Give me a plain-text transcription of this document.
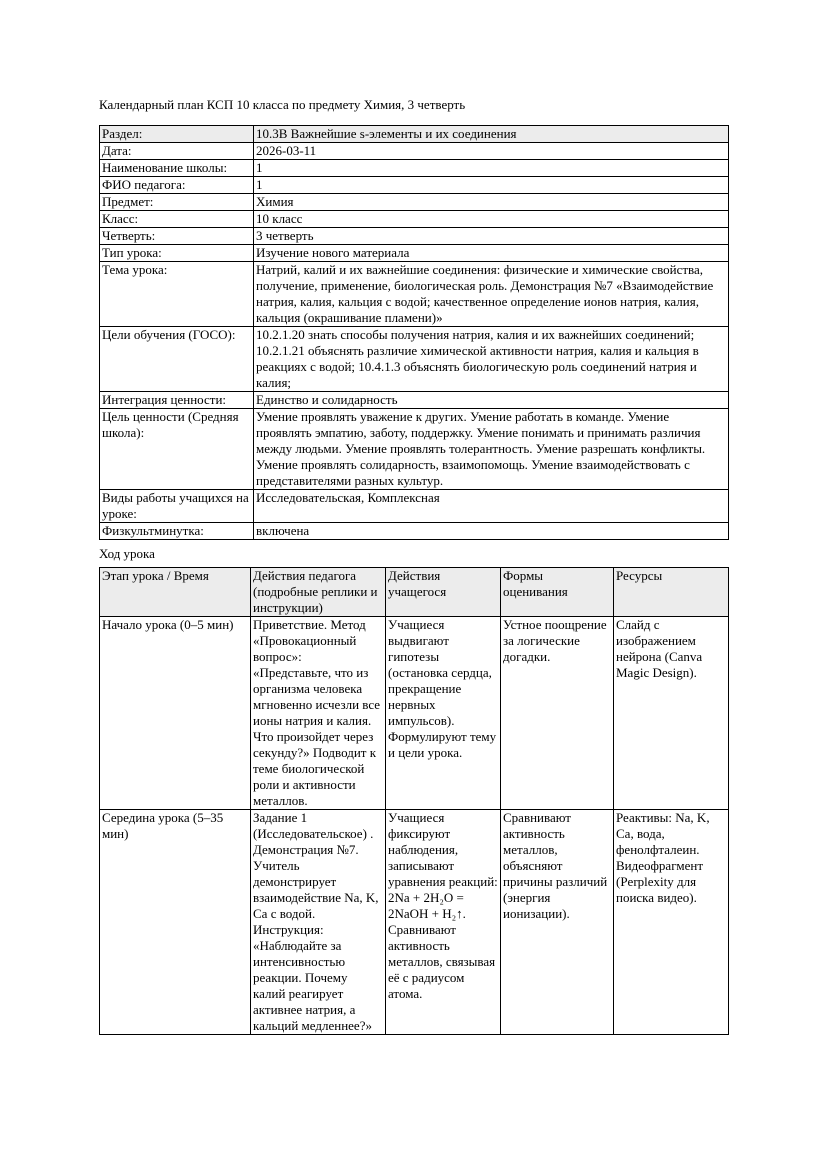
Календарный план КСП 10 класса по предмету Химия, 3 четверть
Раздел:	10.3B Важнейшие s-элементы и их соединения
Дата:	2026-03-11
Наименование школы:	1
ФИО педагога:	1
Предмет:	Химия
Класс:	10 класс
Четверть:	3 четверть
Тип урока:	Изучение нового материала
Тема урока:	Натрий, калий и их важнейшие соединения: физические и химические свойства, получение, применение, биологическая роль. Демонстрация №7 «Взаимодействие натрия, калия, кальция с водой; качественное определение ионов натрия, калия, кальция (окрашивание пламени)»
Цели обучения (ГОСО):	10.2.1.20 знать способы получения натрия, калия и их важнейших соединений; 10.2.1.21 объяснять различие химической активности натрия, калия и кальция в реакциях с водой; 10.4.1.3 объяснять биологическую роль соединений натрия и калия;
Интеграция ценности:	Единство и солидарность
Цель ценности (Средняя школа):	Умение проявлять уважение к других. Умение работать в команде. Умение проявлять эмпатию, заботу, поддержку. Умение понимать и принимать различия между людьми. Умение проявлять толерантность. Умение разрешать конфликты. Умение проявлять солидарность, взаимопомощь. Умение взаимодействовать с представителями разных культур.
Виды работы учащихся на уроке:	Исследовательская, Комплексная
Физкультминутка:	включена
Ход урока
Этап урока / Время	Действия педагога (подробные реплики и инструкции)	Действия учащегося	Формы оценивания	Ресурсы
Начало урока (0–5 мин)	Приветствие. Метод «Провокационный вопрос»: «Представьте, что из организма человека мгновенно исчезли все ионы натрия и калия. Что произойдет через секунду?» Подводит к теме биологической роли и активности металлов.	Учащиеся выдвигают гипотезы (остановка сердца, прекращение нервных импульсов). Формулируют тему и цели урока.	Устное поощрение за логические догадки.	Слайд с изображением нейрона (Canva Magic Design).
Середина урока (5–35 мин)	Задание 1 (Исследовательское) . Демонстрация №7. Учитель демонстрирует взаимодействие Na, K, Ca с водой. Инструкция: «Наблюдайте за интенсивностью реакции. Почему калий реагирует активнее натрия, а кальций медленнее?»	Учащиеся фиксируют наблюдения, записывают уравнения реакций: 2Na + 2H₂O = 2NaOH + H₂↑. Сравнивают активность металлов, связывая её с радиусом атома.	Сравнивают активность металлов, объясняют причины различий (энергия ионизации).	Реактивы: Na, K, Ca, вода, фенолфталеин. Видеофрагмент (Perplexity для поиска видео).
